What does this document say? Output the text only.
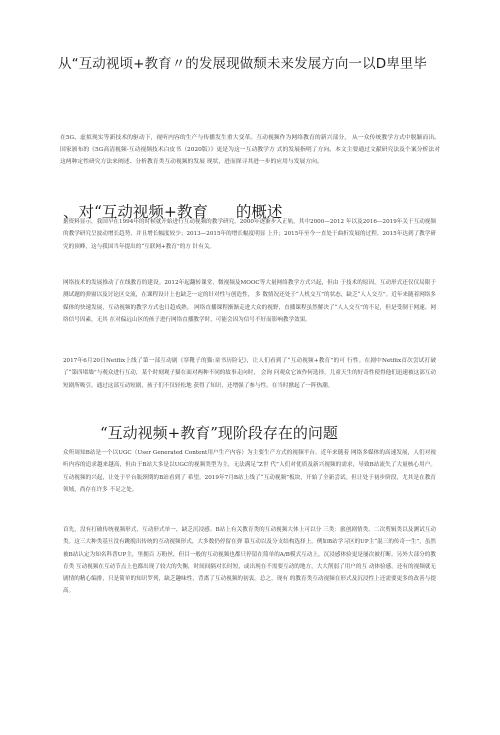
从“互动视顷+教育〃的发展现做颓未来发展方向一以D卑里毕
在5G、虚拟现实等新技术的驱动下，视听内容的生产与传播发生重大变革。互动视频作为网络教育的新兴部分， 从一众传统教学方式中脱颖而出。国家颁布的《5G高清视频-互动视频技术白皮书（2020版）》更是为这一互动教学方 式的发展指明了方向。本文主要通过文献研究法及个案分析法对这两种定性研究方法来阐述、分析教育类互动视频的发展 现状，进而探寻其进一步的应用与发展方向。
、对“互动视频+教育 的概述
据资料显示，我国早在1994年的时候就开始进行互动视频的教学研究，2000年逐渐步入正轨。其中2000—2012 年以及2016—2019年关于互动视频的教学研究呈波动增长趋势，并且增长幅度较少；2013—2015年的增长幅度明显 上升；2015年至今一直处于曲折发展的过程。2015年达到了教学研究的顶峰，这与我国当年提出的“互联网+教育”的方 针有关。
网络技术的发展推动了在线教育的建设。2012年起翻转课堂、微视频及MOOC等大量网络教学方式兴起，但由 于技术的原因，互动形式还仅仅局限于测试题的弹窗以及讨论区交流，在课程设计上也缺乏一定的针对性与创造性， 多 数情况还处于“人机交互”的状态，缺乏“人人交互”。近年来随着网络多媒体的快速发展，互动视频的教学方式也日趋成熟。 网络直播课程渐渐走进大众的视野，直播课程虽然解决了“人人交互”的不足，但是受制于网速、网络信号因素，无其 在对偏远山区的孩子进行网络直播教学时，可能会因为信号不好而影响教学效果。
2017年6月20日Netflix上线了第一部互动剧《穿靴子的猫:童书历险记》，让人们看到了“互动视频+教育”的可 行性。在剧中Netflix首次尝试打破了“第四堵墙”与观众进行互动，某个时刻观子猫在面对两种不同的故事走向时， 会询 问观众它该作何选择。儿童天生的好奇性使得他们迅速被这部互动短剧所吸引，通过这部互动短剧，孩子们不仅轻松地 获得了知识，还增强了参与性。在当时掀起了一阵热潮。
“互动视频+教育”现阶段存在的问题
众所周知B站是一个以UGC（User Generated Content用户生产内容）为主要生产方式的视频平台。近年来随着 网络多媒体的高速发展，人们对视听内容的追求越来越高，但由于B站大多是以UGC的视频类型为主，无法满足“Z世 代”人们对优质及新兴视频的需求，导致B站流失了大量核心用户。互动视频的兴起，让处于平台瓶颈期的B站看到了 希望。2019年7月B站上线了“互动视频”板块，开始了全新尝试。但让处于初步阶段，尤其是在教育领域，尚存在许多 不足之处。
首先，没有打破传统视频形式，互动形式单一，缺乏沉浸感。B站上有关教育类的互动视频大体上可以分 三类：旅创剧情类、二次剪辑类以及测试互动类。这三大种类基旦没有跳脱出传统的互动视频形式，大多数仍停留在弹 幕互动以及分支结构选择上。例如B站学习区的UP主“混三的传奇一生”，虽然被B站认定为知名科普UP主，里拥百 万粉丝，但目一般的互动视频也都只停留在简单的A/B模式互动上，沉浸感体验更是屡次被打断。另外大部分的教育类 互动视频在互动节点上也都出现了较大的失衡，时间间隔对长时短，或出现在不需要互动的地方，大大削弱了用户的互 动体验感。还有的视频就无剧情的精心编排，只是简单的知识罗列，缺乏趣味性，背离了互动视频的初衷。总之，现有 的教育类互动视频在形式及沉浸性上还需要更多的改善与提高。
